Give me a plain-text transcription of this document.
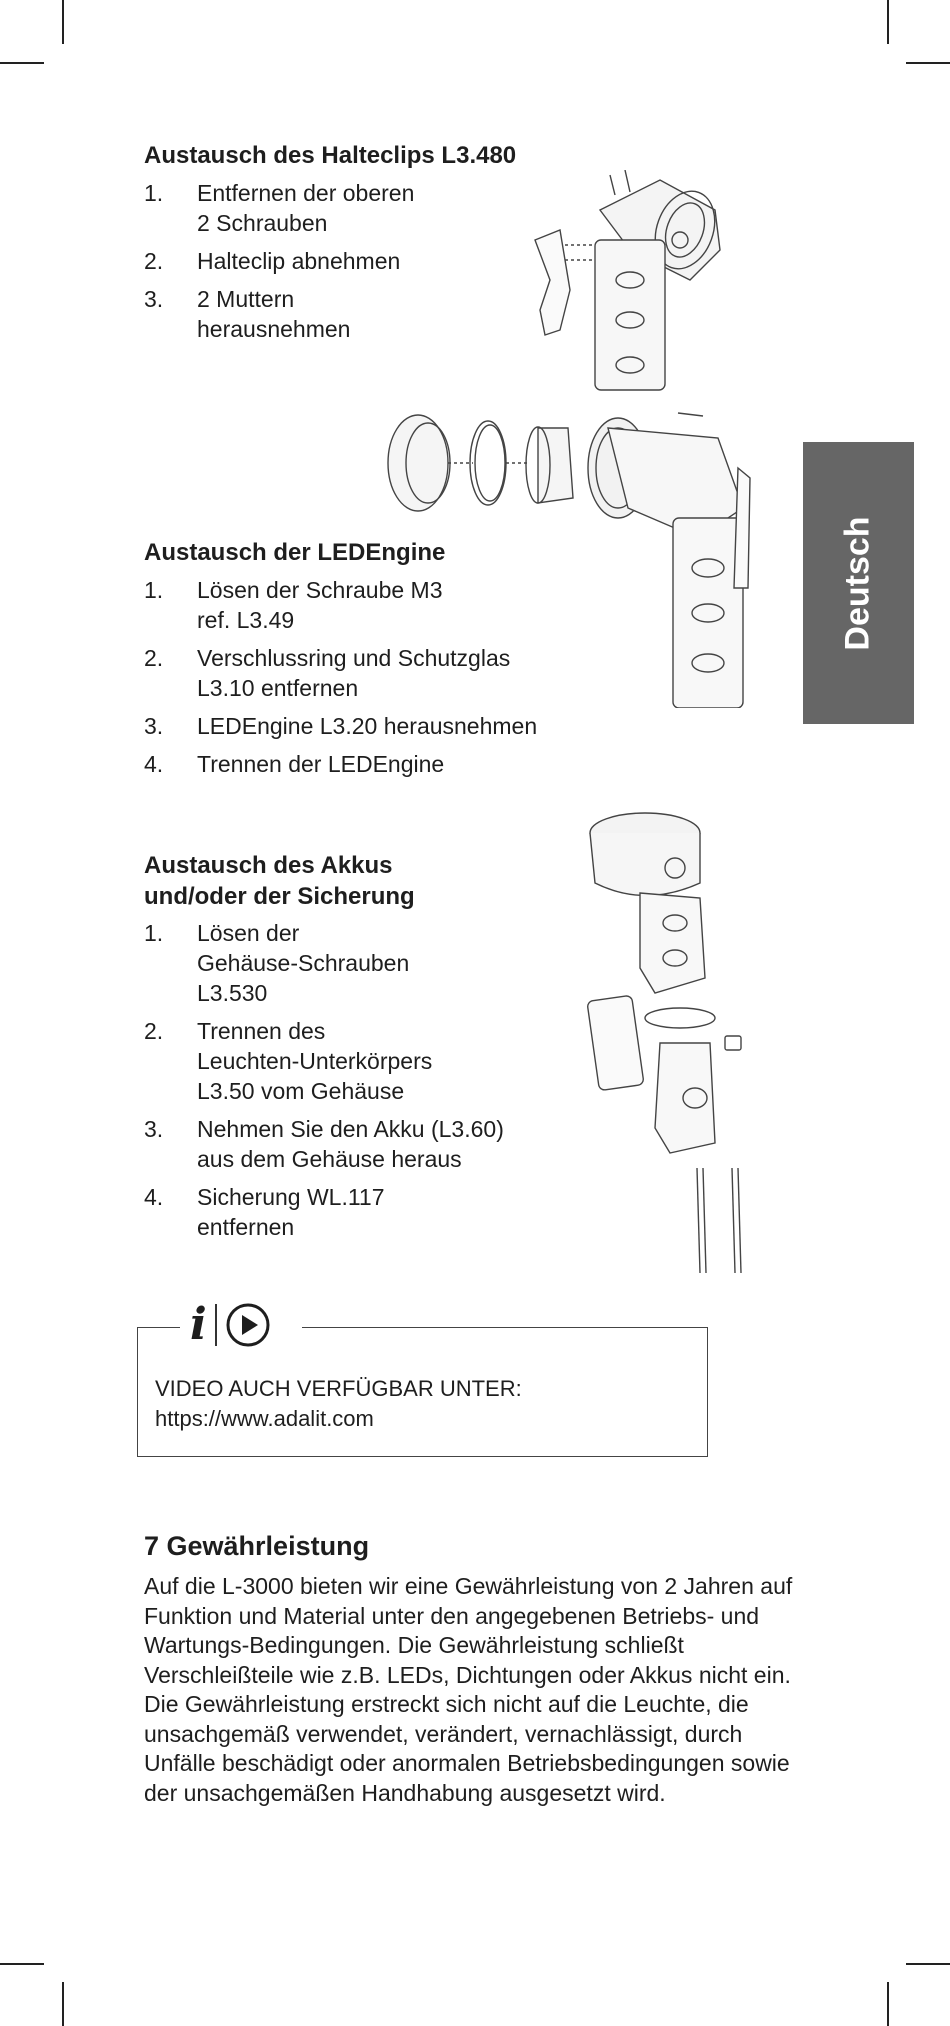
Austausch des Halteclips L3.480
1.	Entfernen der oberen
2 Schrauben
2.	Halteclip abnehmen
3.	2 Muttern
herausnehmen
Austausch der LEDEngine
1.	Lösen der Schraube M3
ref. L3.49
2.	Verschlussring und Schutzglas
L3.10 entfernen
3.	LEDEngine L3.20 herausnehmen
4.	Trennen der LEDEngine
Deutsch
Austausch des Akkus
und/oder der Sicherung
1.	Lösen der
Gehäuse-Schrauben
L3.530
2.	Trennen des
Leuchten-Unterkörpers
L3.50 vom Gehäuse
3.	Nehmen Sie den Akku (L3.60)
aus dem Gehäuse heraus
4.	Sicherung WL.117
entfernen
i
VIDEO AUCH VERFÜGBAR UNTER:
https://www.adalit.com
7 Gewährleistung

Auf die L-3000 bieten wir eine Gewährleistung von 2 Jahren auf Funktion und Material unter den angegebenen Betriebs- und Wartungs-Bedingungen. Die Gewährleistung schließt Verschleißteile wie z.B. LEDs, Dichtungen oder Akkus nicht ein. Die Gewährleistung erstreckt sich nicht auf die Leuchte, die unsachgemäß verwendet, verändert, vernachlässigt, durch Unfälle beschädigt oder anormalen Betriebsbedingungen sowie der unsachgemäßen Handhabung ausgesetzt wird.
